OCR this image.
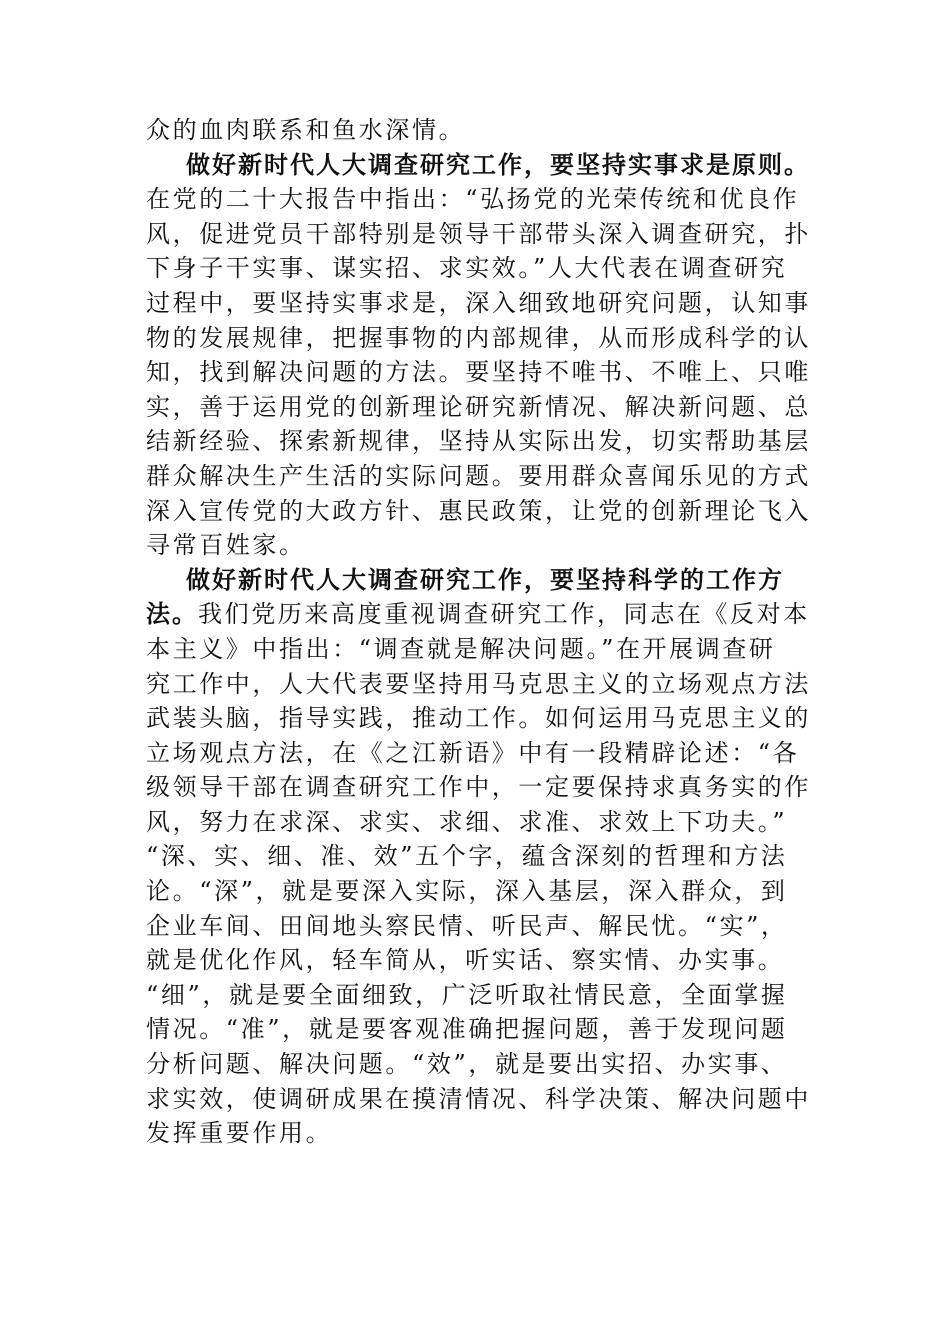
众的血肉联系和鱼水深情。

做好新时代人大调查研究工作，要坚持实事求是原则。
在党的二十大报告中指出：“弘扬党的光荣传统和优良作
风，促进党员干部特别是领导干部带头深入调查研究，扑
下身子干实事、谋实招、求实效。”人大代表在调查研究
过程中，要坚持实事求是，深入细致地研究问题，认知事
物的发展规律，把握事物的内部规律，从而形成科学的认
知，找到解决问题的方法。要坚持不唯书、不唯上、只唯
实，善于运用党的创新理论研究新情况、解决新问题、总
结新经验、探索新规律，坚持从实际出发，切实帮助基层
群众解决生产生活的实际问题。要用群众喜闻乐见的方式
深入宣传党的大政方针、惠民政策，让党的创新理论飞入
寻常百姓家。

做好新时代人大调查研究工作，要坚持科学的工作方
法。我们党历来高度重视调查研究工作，同志在《反对本
本主义》中指出：“调查就是解决问题。”在开展调查研
究工作中，人大代表要坚持用马克思主义的立场观点方法
武装头脑，指导实践，推动工作。如何运用马克思主义的
立场观点方法，在《之江新语》中有一段精辟论述：“各
级领导干部在调查研究工作中，一定要保持求真务实的作
风，努力在求深、求实、求细、求准、求效上下功夫。”
“深、实、细、准、效”五个字，蕴含深刻的哲理和方法
论。“深”，就是要深入实际，深入基层，深入群众，到
企业车间、田间地头察民情、听民声、解民忧。“实”，
就是优化作风，轻车简从，听实话、察实情、办实事。
“细”，就是要全面细致，广泛听取社情民意，全面掌握
情况。“准”，就是要客观准确把握问题，善于发现问题
分析问题、解决问题。“效”，就是要出实招、办实事、
求实效，使调研成果在摸清情况、科学决策、解决问题中
发挥重要作用。
